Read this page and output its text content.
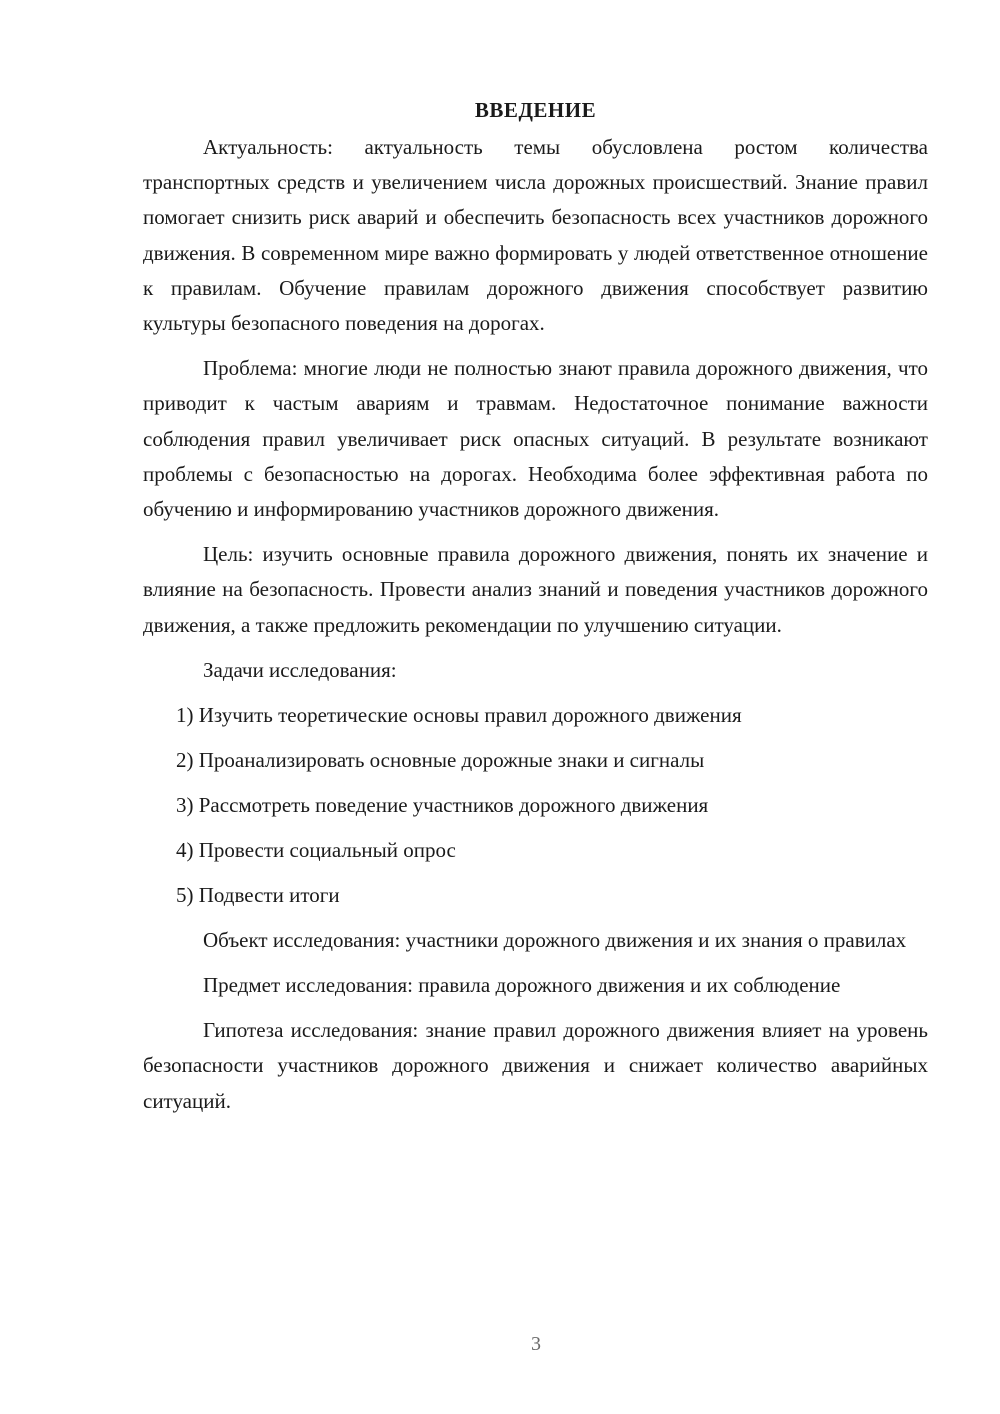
ВВЕДЕНИЕ

Актуальность: актуальность темы обусловлена ростом количества транспортных средств и увеличением числа дорожных происшествий. Знание правил помогает снизить риск аварий и обеспечить безопасность всех участников дорожного движения. В современном мире важно формировать у людей ответственное отношение к правилам. Обучение правилам дорожного движения способствует развитию культуры безопасного поведения на дорогах.

Проблема: многие люди не полностью знают правила дорожного движения, что приводит к частым авариям и травмам. Недостаточное понимание важности соблюдения правил увеличивает риск опасных ситуаций. В результате возникают проблемы с безопасностью на дорогах. Необходима более эффективная работа по обучению и информированию участников дорожного движения.

Цель: изучить основные правила дорожного движения, понять их значение и влияние на безопасность. Провести анализ знаний и поведения участников дорожного движения, а также предложить рекомендации по улучшению ситуации.

Задачи исследования:
1) Изучить теоретические основы правил дорожного движения
2) Проанализировать основные дорожные знаки и сигналы
3) Рассмотреть поведение участников дорожного движения
4) Провести социальный опрос
5) Подвести итоги

Объект исследования: участники дорожного движения и их знания о правилах

Предмет исследования: правила дорожного движения и их соблюдение

Гипотеза исследования: знание правил дорожного движения влияет на уровень безопасности участников дорожного движения и снижает количество аварийных ситуаций.

3
